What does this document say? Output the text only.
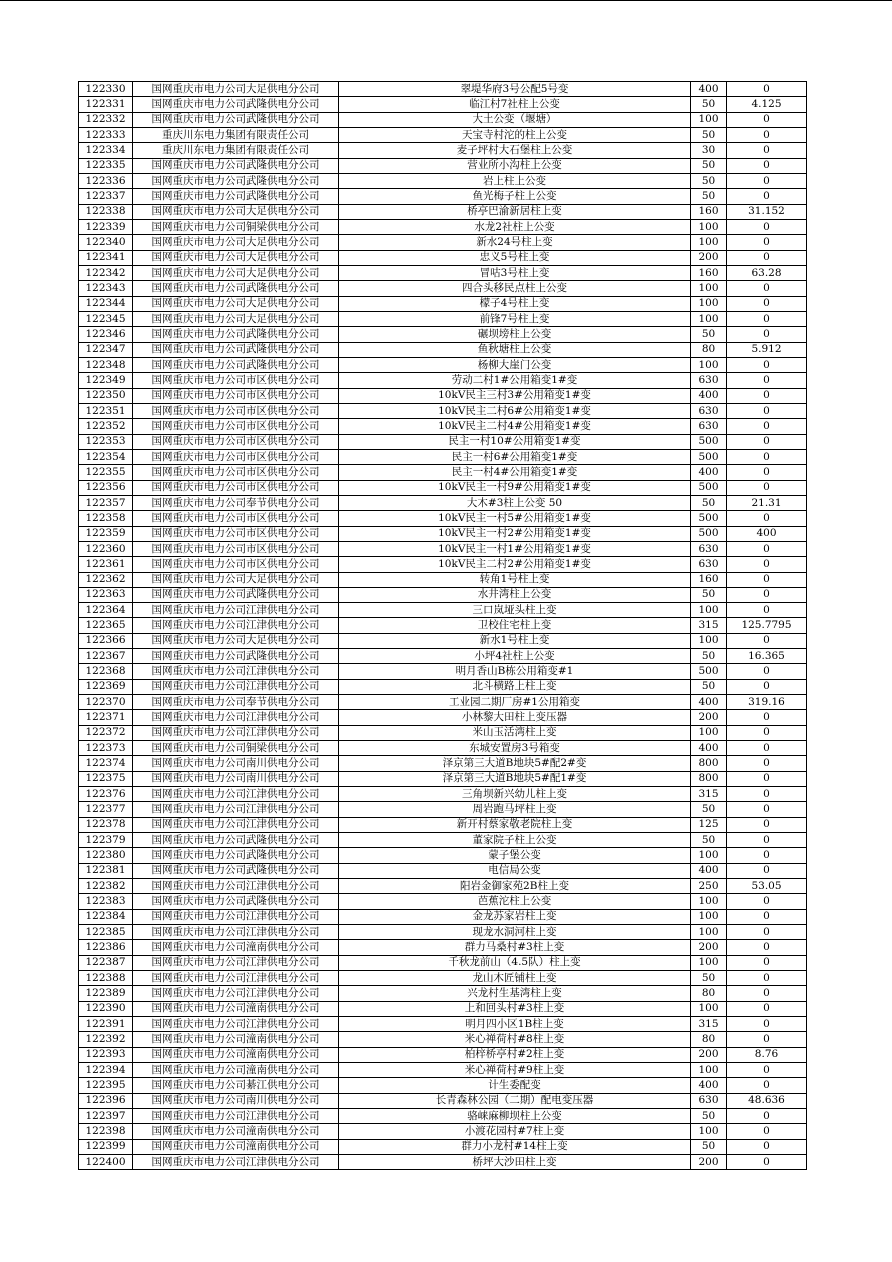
122330	国网重庆市电力公司大足供电分公司	翠堤华府3号公配5号变	400	0
122331	国网重庆市电力公司武隆供电分公司	临江村7社柱上公变	50	4.125
122332	国网重庆市电力公司武隆供电分公司	大土公变（堰塘）	100	0
122333	重庆川东电力集团有限责任公司	天宝寺村沱的柱上公变	50	0
122334	重庆川东电力集团有限责任公司	麦子坪村大石堡柱上公变	30	0
122335	国网重庆市电力公司武隆供电分公司	营业所小沟柱上公变	50	0
122336	国网重庆市电力公司武隆供电分公司	岩上柱上公变	50	0
122337	国网重庆市电力公司武隆供电分公司	鱼光梅子柱上公变	50	0
122338	国网重庆市电力公司大足供电分公司	桥亭巴渝新居柱上变	160	31.152
122339	国网重庆市电力公司铜梁供电分公司	水龙2社柱上公变	100	0
122340	国网重庆市电力公司大足供电分公司	新水24号柱上变	100	0
122341	国网重庆市电力公司大足供电分公司	忠义5号柱上变	200	0
122342	国网重庆市电力公司大足供电分公司	冒咕3号柱上变	160	63.28
122343	国网重庆市电力公司武隆供电分公司	四合头移民点柱上公变	100	0
122344	国网重庆市电力公司大足供电分公司	檬子4号柱上变	100	0
122345	国网重庆市电力公司大足供电分公司	前锋7号柱上变	100	0
122346	国网重庆市电力公司武隆供电分公司	碾坝塝柱上公变	50	0
122347	国网重庆市电力公司武隆供电分公司	鱼秋塘柱上公变	80	5.912
122348	国网重庆市电力公司武隆供电分公司	杨柳大崖门公变	100	0
122349	国网重庆市电力公司市区供电分公司	劳动二村1#公用箱变1#变	630	0
122350	国网重庆市电力公司市区供电分公司	10kV民主三村3#公用箱变1#变	400	0
122351	国网重庆市电力公司市区供电分公司	10kV民主二村6#公用箱变1#变	630	0
122352	国网重庆市电力公司市区供电分公司	10kV民主二村4#公用箱变1#变	630	0
122353	国网重庆市电力公司市区供电分公司	民主一村10#公用箱变1#变	500	0
122354	国网重庆市电力公司市区供电分公司	民主一村6#公用箱变1#变	500	0
122355	国网重庆市电力公司市区供电分公司	民主一村4#公用箱变1#变	400	0
122356	国网重庆市电力公司市区供电分公司	10kV民主一村9#公用箱变1#变	500	0
122357	国网重庆市电力公司奉节供电分公司	大木#3柱上公变 50	50	21.31
122358	国网重庆市电力公司市区供电分公司	10kV民主一村5#公用箱变1#变	500	0
122359	国网重庆市电力公司市区供电分公司	10kV民主一村2#公用箱变1#变	500	400
122360	国网重庆市电力公司市区供电分公司	10kV民主一村1#公用箱变1#变	630	0
122361	国网重庆市电力公司市区供电分公司	10kV民主二村2#公用箱变1#变	630	0
122362	国网重庆市电力公司大足供电分公司	转角1号柱上变	160	0
122363	国网重庆市电力公司武隆供电分公司	水井湾柱上公变	50	0
122364	国网重庆市电力公司江津供电分公司	三口岚垭头柱上变	100	0
122365	国网重庆市电力公司江津供电分公司	卫校住宅柱上变	315	125.7795
122366	国网重庆市电力公司大足供电分公司	新水1号柱上变	100	0
122367	国网重庆市电力公司武隆供电分公司	小坪4社柱上公变	50	16.365
122368	国网重庆市电力公司江津供电分公司	明月香山B栋公用箱变#1	500	0
122369	国网重庆市电力公司江津供电分公司	北斗横路上柱上变	50	0
122370	国网重庆市电力公司奉节供电分公司	工业园二期厂房#1公用箱变	400	319.16
122371	国网重庆市电力公司江津供电分公司	小林黎大田柱上变压器	200	0
122372	国网重庆市电力公司江津供电分公司	米山玉活湾柱上变	100	0
122373	国网重庆市电力公司铜梁供电分公司	东城安置房3号箱变	400	0
122374	国网重庆市电力公司南川供电分公司	泽京第三大道B地块5#配2#变	800	0
122375	国网重庆市电力公司南川供电分公司	泽京第三大道B地块5#配1#变	800	0
122376	国网重庆市电力公司江津供电分公司	三角坝新兴幼儿柱上变	315	0
122377	国网重庆市电力公司江津供电分公司	周岩跑马坪柱上变	50	0
122378	国网重庆市电力公司江津供电分公司	新开村蔡家敬老院柱上变	125	0
122379	国网重庆市电力公司武隆供电分公司	董家院子柱上公变	50	0
122380	国网重庆市电力公司武隆供电分公司	蒙子堡公变	100	0
122381	国网重庆市电力公司武隆供电分公司	电信局公变	400	0
122382	国网重庆市电力公司江津供电分公司	阳岩金御家苑2B柱上变	250	53.05
122383	国网重庆市电力公司武隆供电分公司	芭蕉沱柱上公变	100	0
122384	国网重庆市电力公司江津供电分公司	金龙苏家岩柱上变	100	0
122385	国网重庆市电力公司江津供电分公司	现龙水洞河柱上变	100	0
122386	国网重庆市电力公司潼南供电分公司	群力马桑村#3柱上变	200	0
122387	国网重庆市电力公司江津供电分公司	千秋龙前山（4.5队）柱上变	100	0
122388	国网重庆市电力公司江津供电分公司	龙山木匠铺柱上变	50	0
122389	国网重庆市电力公司江津供电分公司	兴龙村生基湾柱上变	80	0
122390	国网重庆市电力公司潼南供电分公司	上和回头村#3柱上变	100	0
122391	国网重庆市电力公司江津供电分公司	明月四小区1B柱上变	315	0
122392	国网重庆市电力公司潼南供电分公司	米心禅荷村#8柱上变	80	0
122393	国网重庆市电力公司潼南供电分公司	柏梓桥亭村#2柱上变	200	8.76
122394	国网重庆市电力公司潼南供电分公司	米心禅荷村#9柱上变	100	0
122395	国网重庆市电力公司綦江供电分公司	计生委配变	400	0
122396	国网重庆市电力公司南川供电分公司	长青森林公园（二期）配电变压器	630	48.636
122397	国网重庆市电力公司江津供电分公司	骆崃麻柳坝柱上公变	50	0
122398	国网重庆市电力公司潼南供电分公司	小渡花园村#7柱上变	100	0
122399	国网重庆市电力公司潼南供电分公司	群力小龙村#14柱上变	50	0
122400	国网重庆市电力公司江津供电分公司	桥坪大沙田柱上变	200	0
